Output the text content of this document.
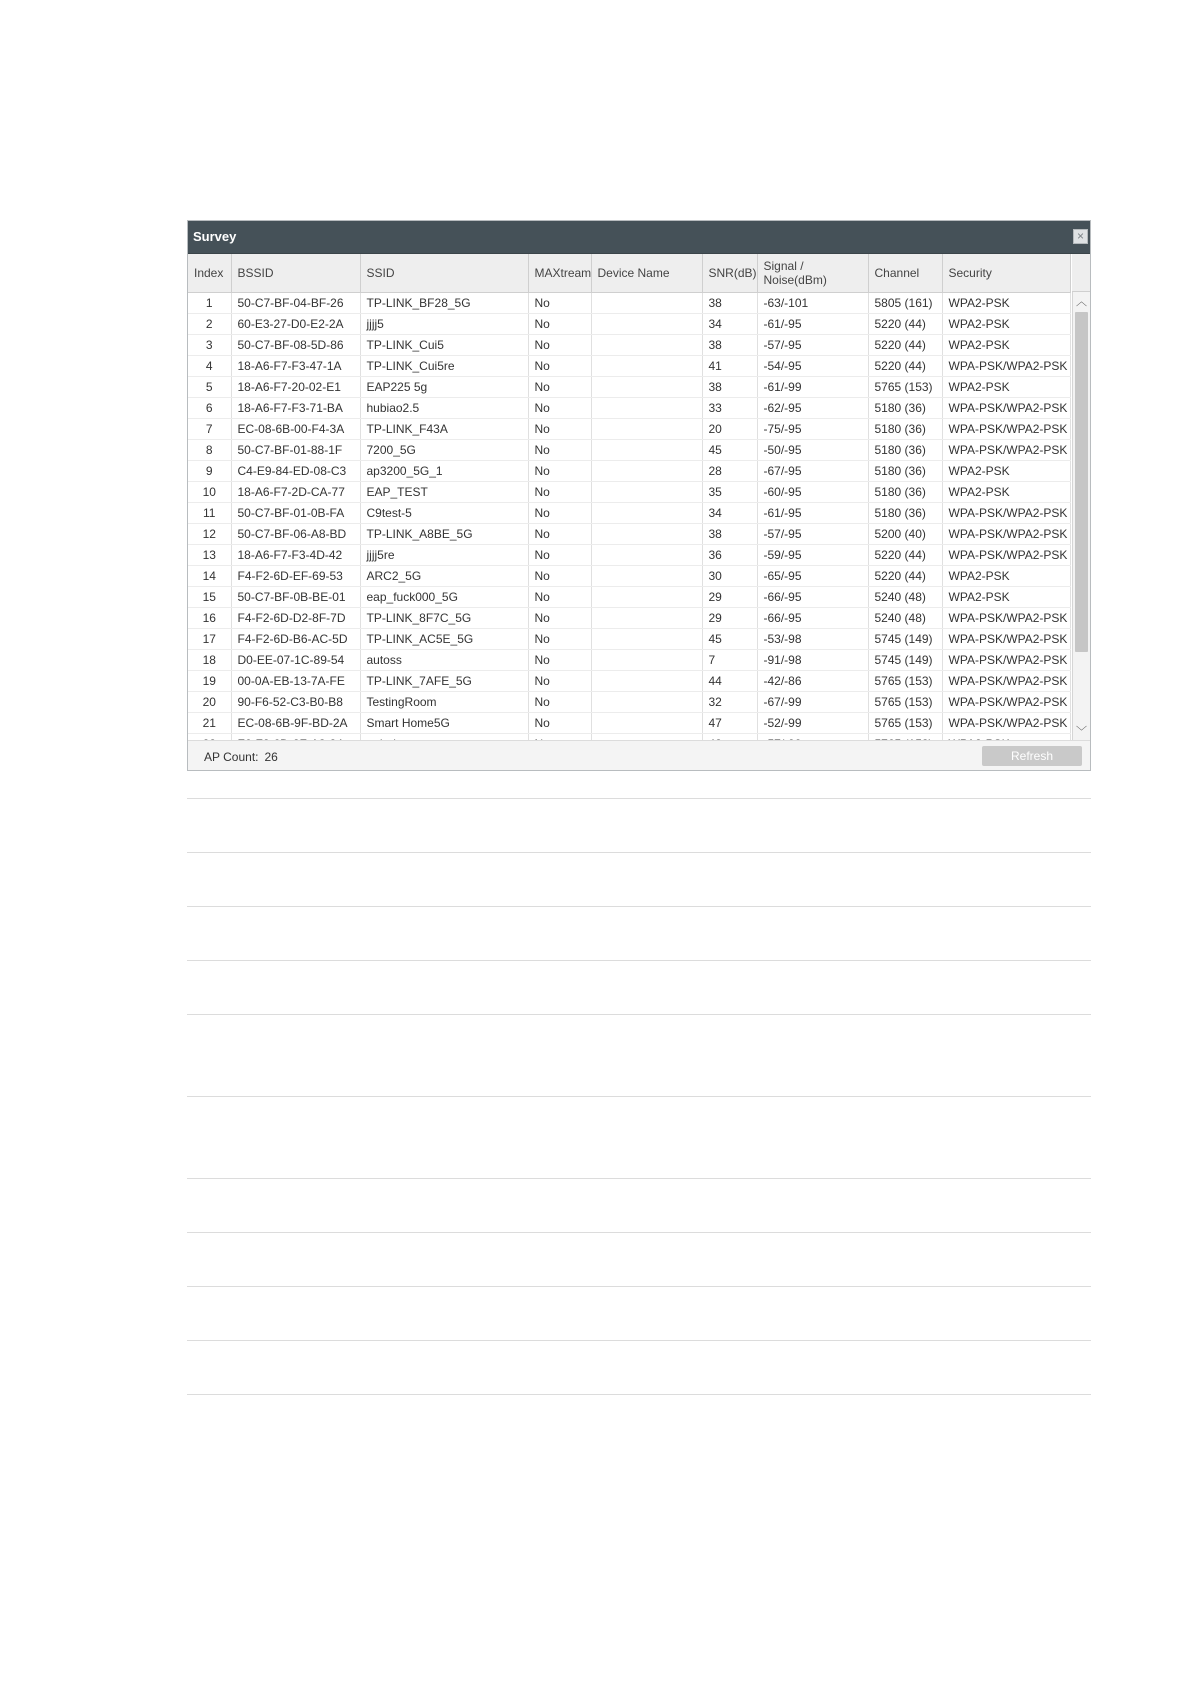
Survey	×
Index	BSSID	SSID	MAXtream	Device Name	SNR(dB)	Signal / Noise(dBm)	Channel	Security
1	50-C7-BF-04-BF-26	TP-LINK_BF28_5G	No		38	-63/-101	5805 (161)	WPA2-PSK
2	60-E3-27-D0-E2-2A	jjjj5	No		34	-61/-95	5220 (44)	WPA2-PSK
3	50-C7-BF-08-5D-86	TP-LINK_Cui5	No		38	-57/-95	5220 (44)	WPA2-PSK
4	18-A6-F7-F3-47-1A	TP-LINK_Cui5re	No		41	-54/-95	5220 (44)	WPA-PSK/WPA2-PSK
5	18-A6-F7-20-02-E1	EAP225 5g	No		38	-61/-99	5765 (153)	WPA2-PSK
6	18-A6-F7-F3-71-BA	hubiao2.5	No		33	-62/-95	5180 (36)	WPA-PSK/WPA2-PSK
7	EC-08-6B-00-F4-3A	TP-LINK_F43A	No		20	-75/-95	5180 (36)	WPA-PSK/WPA2-PSK
8	50-C7-BF-01-88-1F	7200_5G	No		45	-50/-95	5180 (36)	WPA-PSK/WPA2-PSK
9	C4-E9-84-ED-08-C3	ap3200_5G_1	No		28	-67/-95	5180 (36)	WPA2-PSK
10	18-A6-F7-2D-CA-77	EAP_TEST	No		35	-60/-95	5180 (36)	WPA2-PSK
11	50-C7-BF-01-0B-FA	C9test-5	No		34	-61/-95	5180 (36)	WPA-PSK/WPA2-PSK
12	50-C7-BF-06-A8-BD	TP-LINK_A8BE_5G	No		38	-57/-95	5200 (40)	WPA-PSK/WPA2-PSK
13	18-A6-F7-F3-4D-42	jjjj5re	No		36	-59/-95	5220 (44)	WPA-PSK/WPA2-PSK
14	F4-F2-6D-EF-69-53	ARC2_5G	No		30	-65/-95	5220 (44)	WPA2-PSK
15	50-C7-BF-0B-BE-01	eap_fuck000_5G	No		29	-66/-95	5240 (48)	WPA2-PSK
16	F4-F2-6D-D2-8F-7D	TP-LINK_8F7C_5G	No		29	-66/-95	5240 (48)	WPA-PSK/WPA2-PSK
17	F4-F2-6D-B6-AC-5D	TP-LINK_AC5E_5G	No		45	-53/-98	5745 (149)	WPA-PSK/WPA2-PSK
18	D0-EE-07-1C-89-54	autoss	No		7	-91/-98	5745 (149)	WPA-PSK/WPA2-PSK
19	00-0A-EB-13-7A-FE	TP-LINK_7AFE_5G	No		44	-42/-86	5765 (153)	WPA-PSK/WPA2-PSK
20	90-F6-52-C3-B0-B8	TestingRoom	No		32	-67/-99	5765 (153)	WPA-PSK/WPA2-PSK
21	EC-08-6B-9F-BD-2A	Smart Home5G	No		47	-52/-99	5765 (153)	WPA-PSK/WPA2-PSK

︿
﹀
AP Count: 26	Refresh
